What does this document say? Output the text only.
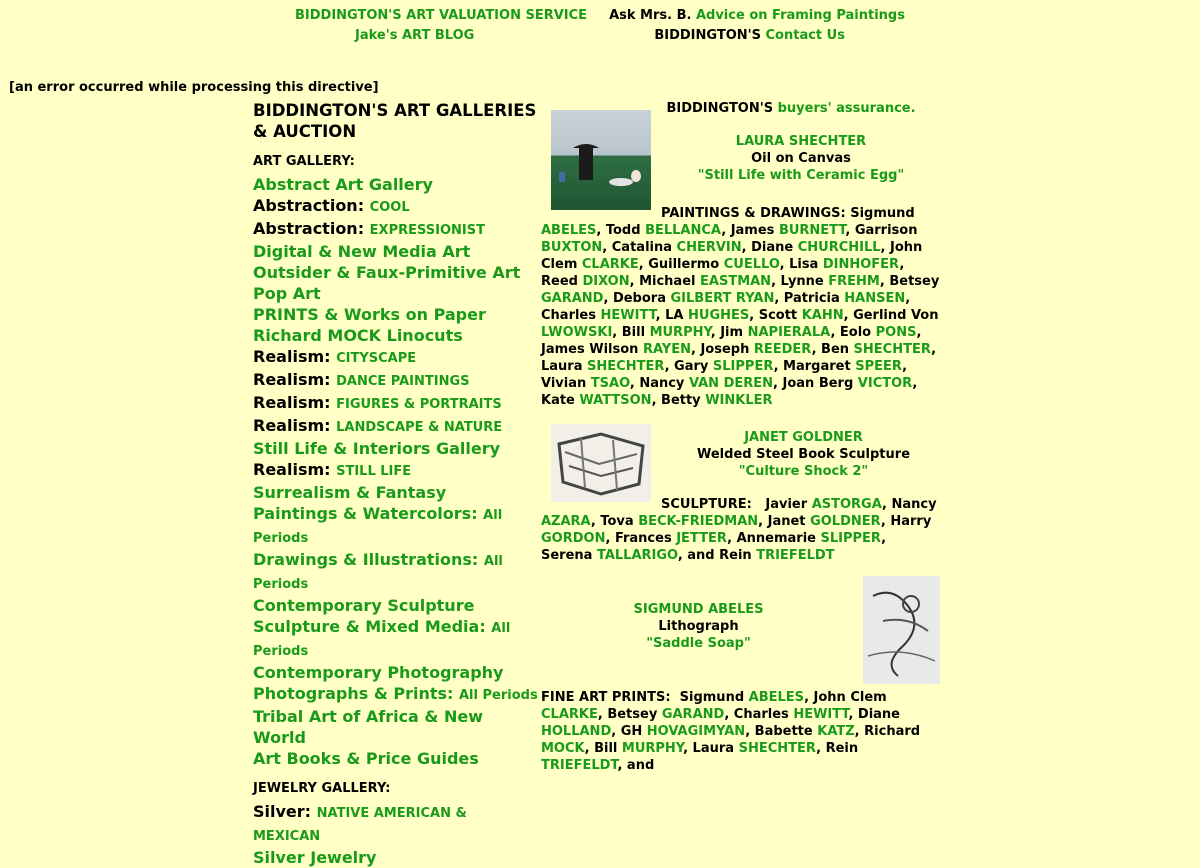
BIDDINGTON'S ART VALUATION SERVICE Ask Mrs. B. Advice on Framing Paintings
Jake's ART BLOG	BIDDINGTON'S Contact Us
[an error occurred while processing this directive]
BIDDINGTON'S ART GALLERIES & AUCTION
ART GALLERY:
Abstract Art Gallery
Abstraction: COOL
Abstraction: EXPRESSIONIST
Digital & New Media Art
Outsider & Faux-Primitive Art
Pop Art
PRINTS & Works on Paper
Richard MOCK Linocuts
Realism: CITYSCAPE
Realism: DANCE PAINTINGS
Realism: FIGURES & PORTRAITS
Realism: LANDSCAPE & NATURE
Still Life & Interiors Gallery
Realism: STILL LIFE
Surrealism & Fantasy
Paintings & Watercolors: All Periods
Drawings & Illustrations: All Periods
Contemporary Sculpture
Sculpture & Mixed Media: All Periods
Contemporary Photography
Photographs & Prints: All Periods
Tribal Art of Africa & New World
Art Books & Price Guides
JEWELRY GALLERY:
Silver: NATIVE AMERICAN & MEXICAN
Silver Jewelry

BIDDINGTON'S buyers' assurance.

LAURA SHECHTER
Oil on Canvas
"Still Life with Ceramic Egg"

PAINTINGS & DRAWINGS: Sigmund ABELES, Todd BELLANCA, James BURNETT, Garrison BUXTON, Catalina CHERVIN, Diane CHURCHILL, John Clem CLARKE, Guillermo CUELLO, Lisa DINHOFER, Reed DIXON, Michael EASTMAN, Lynne FREHM, Betsey GARAND, Debora GILBERT RYAN, Patricia HANSEN, Charles HEWITT, LA HUGHES, Scott KAHN, Gerlind Von LWOWSKI, Bill MURPHY, Jim NAPIERALA, Eolo PONS, James Wilson RAYEN, Joseph REEDER, Ben SHECHTER, Laura SHECHTER, Gary SLIPPER, Margaret SPEER, Vivian TSAO, Nancy VAN DEREN, Joan Berg VICTOR, Kate WATTSON, Betty WINKLER

JANET GOLDNER
Welded Steel Book Sculpture
"Culture Shock 2"

SCULPTURE: Javier ASTORGA, Nancy AZARA, Tova BECK-FRIEDMAN, Janet GOLDNER, Harry GORDON, Frances JETTER, Annemarie SLIPPER, Serena TALLARIGO, and Rein TRIEFELDT

SIGMUND ABELES
Lithograph
"Saddle Soap"

FINE ART PRINTS: Sigmund ABELES, John Clem CLARKE, Betsey GARAND, Charles HEWITT, Diane HOLLAND, GH HOVAGIMYAN, Babette KATZ, Richard MOCK, Bill MURPHY, Laura SHECHTER, Rein TRIEFELDT, and
